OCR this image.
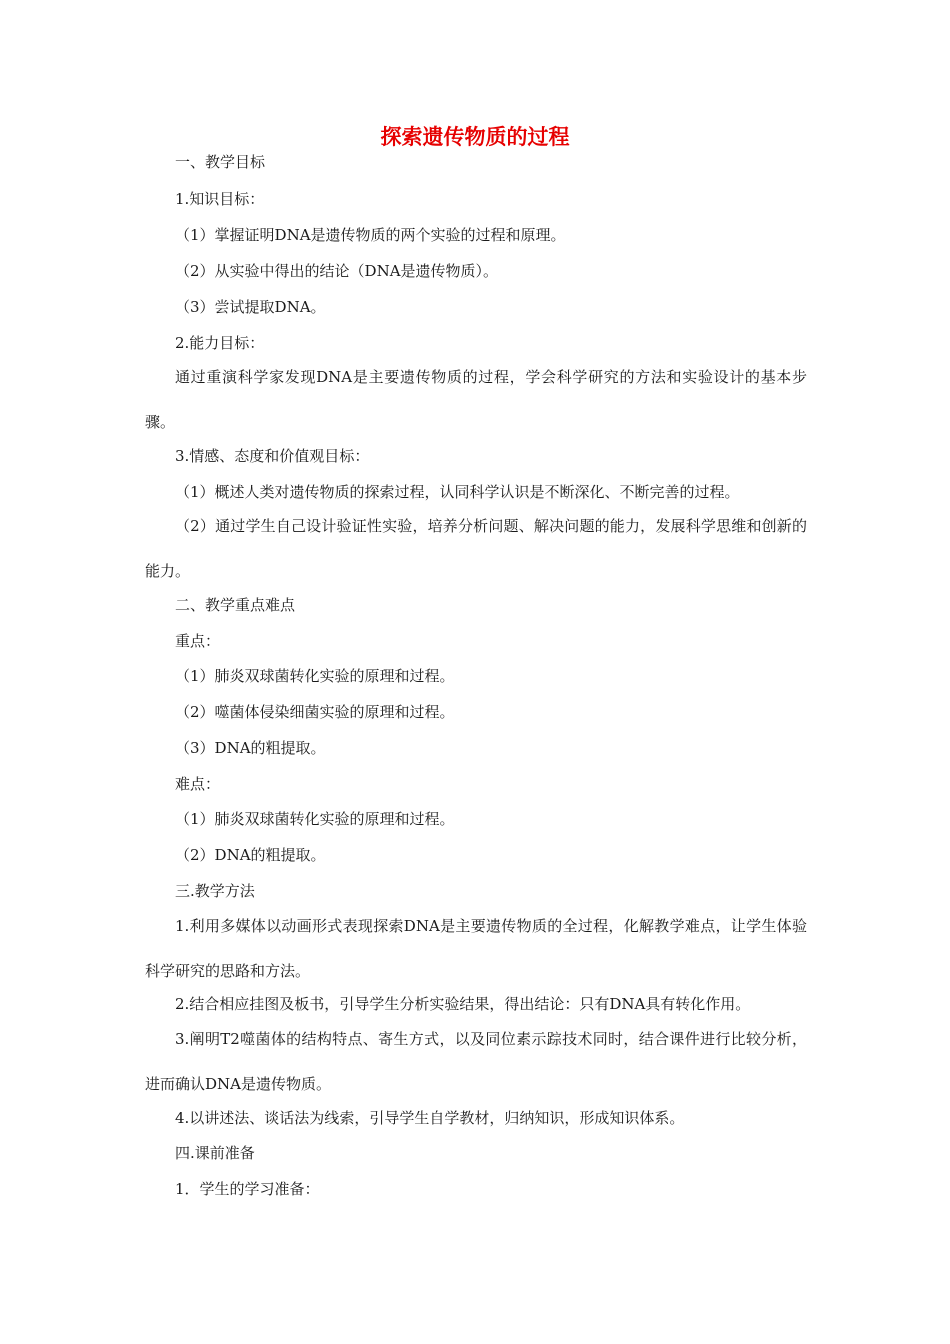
探索遗传物质的过程
一、教学目标
1.知识目标：
（1）掌握证明DNA是遗传物质的两个实验的过程和原理。
（2）从实验中得出的结论（DNA是遗传物质）。
（3）尝试提取DNA。
2.能力目标：
通过重演科学家发现DNA是主要遗传物质的过程，学会科学研究的方法和实验设计的基本步骤。
3.情感、态度和价值观目标：
（1）概述人类对遗传物质的探索过程，认同科学认识是不断深化、不断完善的过程。
（2）通过学生自己设计验证性实验，培养分析问题、解决问题的能力，发展科学思维和创新的能力。
二、教学重点难点
重点：
（1）肺炎双球菌转化实验的原理和过程。
（2）噬菌体侵染细菌实验的原理和过程。
（3）DNA的粗提取。
难点：
（1）肺炎双球菌转化实验的原理和过程。
（2）DNA的粗提取。
三.教学方法
1.利用多媒体以动画形式表现探索DNA是主要遗传物质的全过程，化解教学难点，让学生体验科学研究的思路和方法。
2.结合相应挂图及板书，引导学生分析实验结果，得出结论：只有DNA具有转化作用。
3.阐明T2噬菌体的结构特点、寄生方式，以及同位素示踪技术同时，结合课件进行比较分析，进而确认DNA是遗传物质。
4.以讲述法、谈话法为线索，引导学生自学教材，归纳知识，形成知识体系。
四.课前准备
1．学生的学习准备：
